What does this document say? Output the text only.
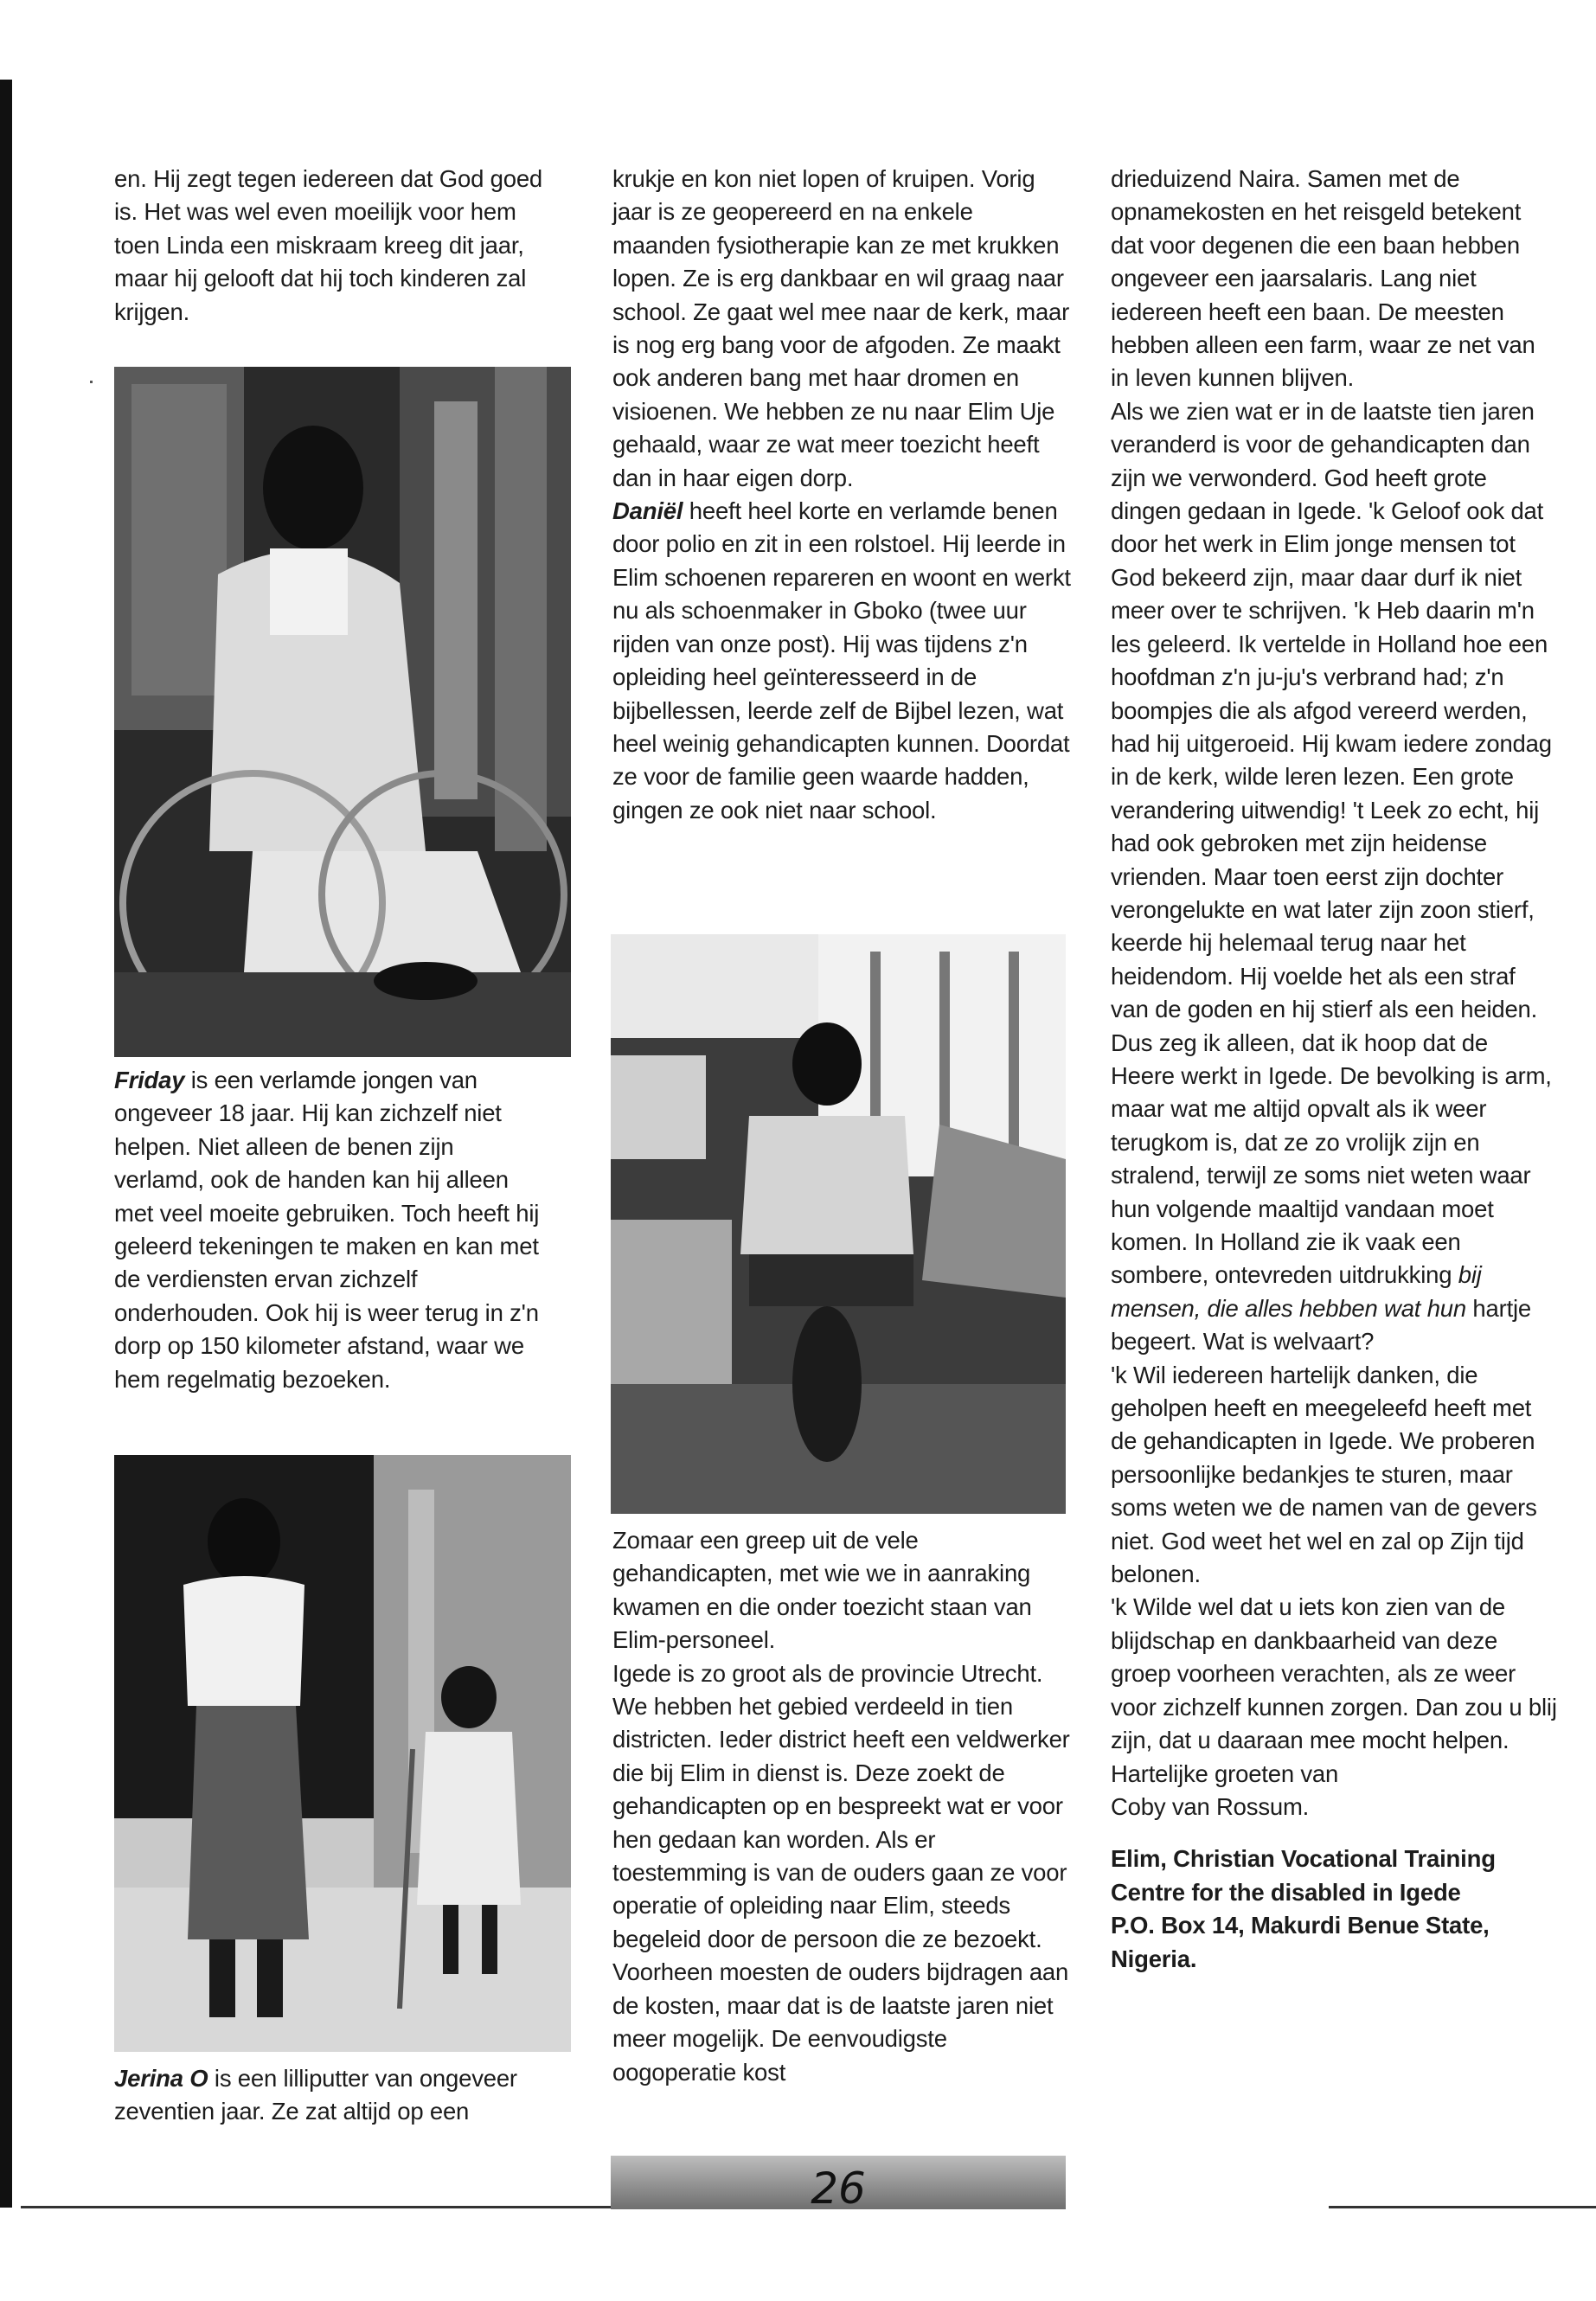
en. Hij zegt tegen iedereen dat God goed is. Het was wel even moeilijk voor hem toen Linda een miskraam kreeg dit jaar, maar hij gelooft dat hij toch kinderen zal krijgen.

Friday is een verlamde jongen van ongeveer 18 jaar. Hij kan zichzelf niet helpen. Niet alleen de benen zijn verlamd, ook de handen kan hij alleen met veel moeite gebruiken. Toch heeft hij geleerd tekeningen te maken en kan met de verdiensten ervan zichzelf onderhouden. Ook hij is weer terug in z'n dorp op 150 kilometer afstand, waar we hem regelmatig bezoeken.

Jerina O is een lilliputter van ongeveer zeventien jaar. Ze zat altijd op een

krukje en kon niet lopen of kruipen. Vorig jaar is ze geopereerd en na enkele maanden fysiotherapie kan ze met krukken lopen. Ze is erg dankbaar en wil graag naar school. Ze gaat wel mee naar de kerk, maar is nog erg bang voor de afgoden. Ze maakt ook anderen bang met haar dromen en visioenen. We hebben ze nu naar Elim Uje gehaald, waar ze wat meer toezicht heeft dan in haar eigen dorp.

Daniël heeft heel korte en verlamde benen door polio en zit in een rolstoel. Hij leerde in Elim schoenen repareren en woont en werkt nu als schoenmaker in Gboko (twee uur rijden van onze post). Hij was tijdens z'n opleiding heel geïnteresseerd in de bijbellessen, leerde zelf de Bijbel lezen, wat heel weinig gehandicapten kunnen. Doordat ze voor de familie geen waarde hadden, gingen ze ook niet naar school.

Zomaar een greep uit de vele gehandicapten, met wie we in aanraking kwamen en die onder toezicht staan van Elim-personeel.

Igede is zo groot als de provincie Utrecht. We hebben het gebied verdeeld in tien districten. Ieder district heeft een veldwerker die bij Elim in dienst is. Deze zoekt de gehandicapten op en bespreekt wat er voor hen gedaan kan worden. Als er toestemming is van de ouders gaan ze voor operatie of opleiding naar Elim, steeds begeleid door de persoon die ze bezoekt. Voorheen moesten de ouders bijdragen aan de kosten, maar dat is de laatste jaren niet meer mogelijk. De eenvoudigste oogoperatie kost

drieduizend Naira. Samen met de opnamekosten en het reisgeld betekent dat voor degenen die een baan hebben ongeveer een jaarsalaris. Lang niet iedereen heeft een baan. De meesten hebben alleen een farm, waar ze net van in leven kunnen blijven.

Als we zien wat er in de laatste tien jaren veranderd is voor de gehandicapten dan zijn we verwonderd. God heeft grote dingen gedaan in Igede. 'k Geloof ook dat door het werk in Elim jonge mensen tot God bekeerd zijn, maar daar durf ik niet meer over te schrijven. 'k Heb daarin m'n les geleerd. Ik vertelde in Holland hoe een hoofdman z'n ju-ju's verbrand had; z'n boompjes die als afgod vereerd werden, had hij uitgeroeid. Hij kwam iedere zondag in de kerk, wilde leren lezen. Een grote verandering uitwendig! 't Leek zo echt, hij had ook gebroken met zijn heidense vrienden. Maar toen eerst zijn dochter verongelukte en wat later zijn zoon stierf, keerde hij helemaal terug naar het heidendom. Hij voelde het als een straf van de goden en hij stierf als een heiden. Dus zeg ik alleen, dat ik hoop dat de Heere werkt in Igede. De bevolking is arm, maar wat me altijd opvalt als ik weer terugkom is, dat ze zo vrolijk zijn en stralend, terwijl ze soms niet weten waar hun volgende maaltijd vandaan moet komen. In Holland zie ik vaak een sombere, ontevreden uitdrukking bij mensen, die alles hebben wat hun hartje begeert. Wat is welvaart?

'k Wil iedereen hartelijk danken, die geholpen heeft en meegeleefd heeft met de gehandicapten in Igede. We proberen persoonlijke bedankjes te sturen, maar soms weten we de namen van de gevers niet. God weet het wel en zal op Zijn tijd belonen.

'k Wilde wel dat u iets kon zien van de blijdschap en dankbaarheid van deze groep voorheen verachten, als ze weer voor zichzelf kunnen zorgen. Dan zou u blij zijn, dat u daaraan mee mocht helpen.

Hartelijke groeten van

Coby van Rossum.

Elim, Christian Vocational Training Centre for the disabled in Igede
P.O. Box 14, Makurdi Benue State, Nigeria.

26
